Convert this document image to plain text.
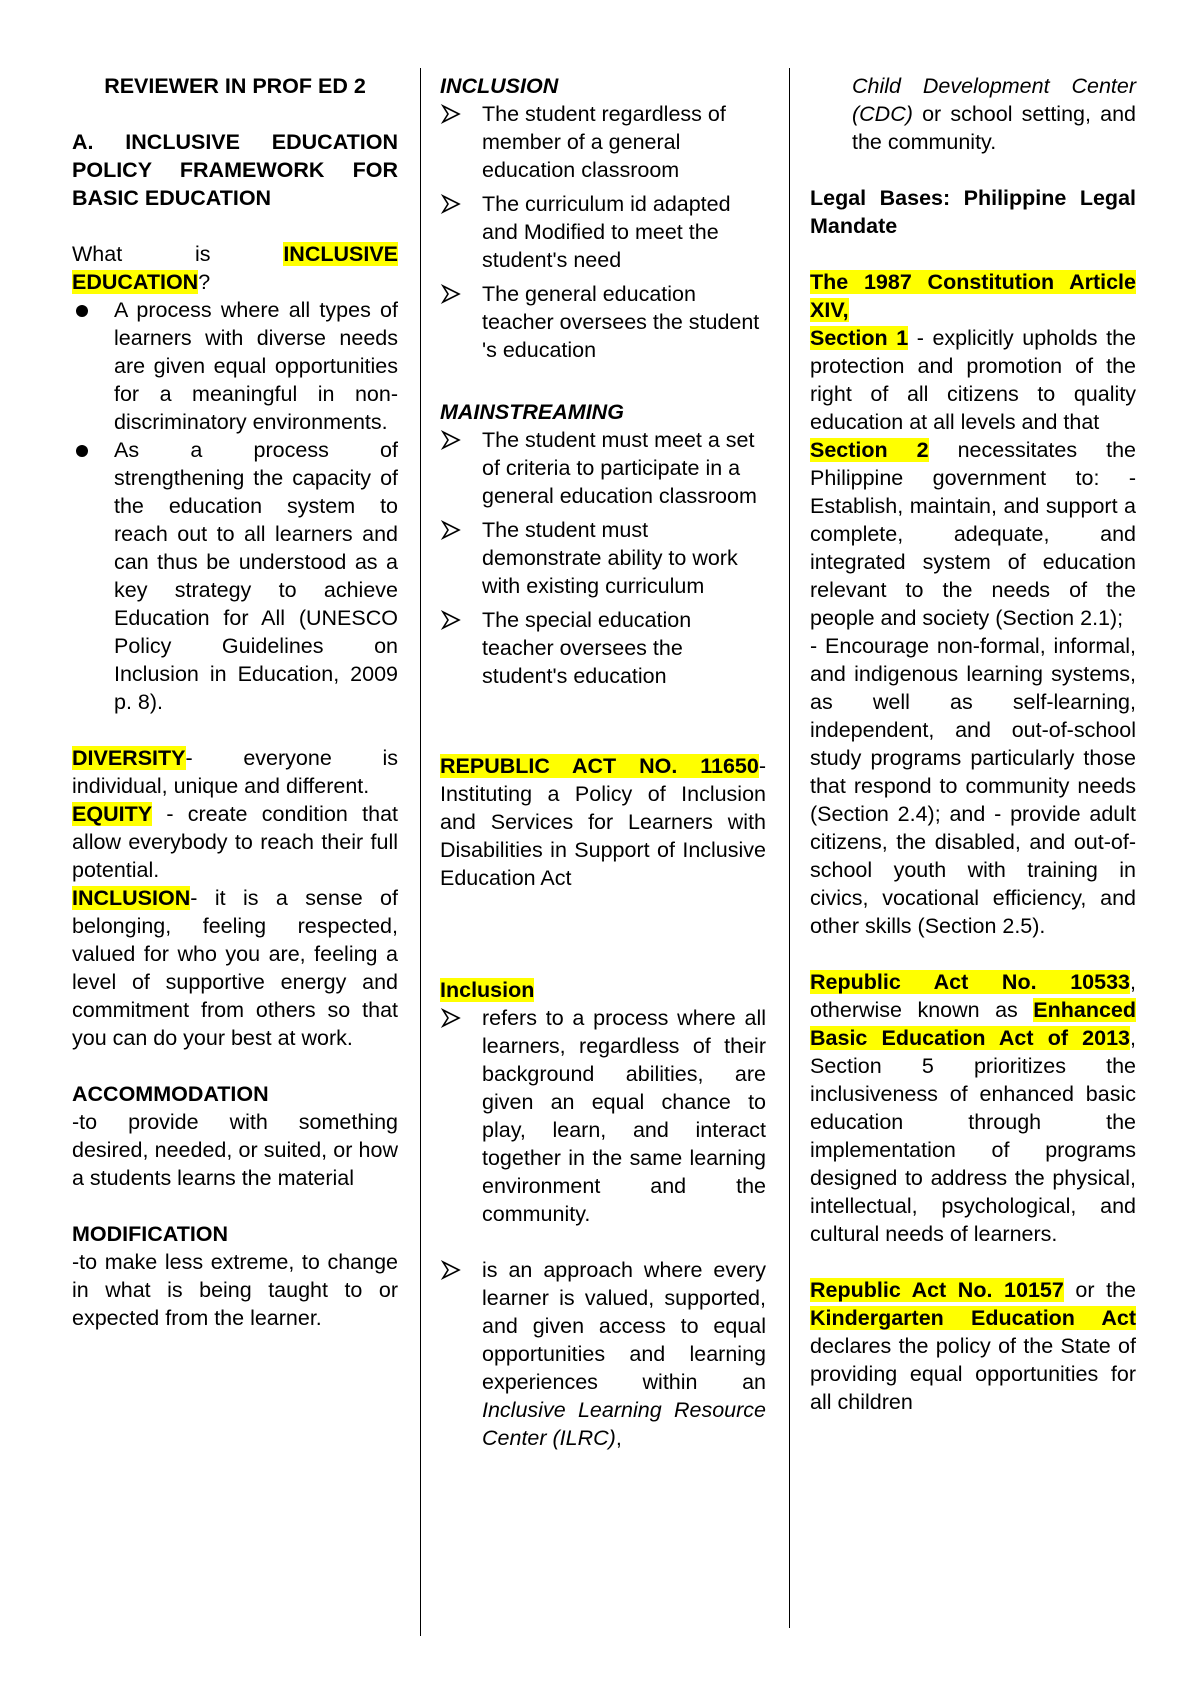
REVIEWER IN PROF ED 2

A. INCLUSIVE EDUCATION POLICY FRAMEWORK FOR BASIC EDUCATION

What is INCLUSIVE EDUCATION?

A process where all types of learners with diverse needs are given equal opportunities for a meaningful in non-discriminatory environments.

As a process of strengthening the capacity of the education system to reach out to all learners and can thus be understood as a key strategy to achieve Education for All (UNESCO Policy Guidelines on Inclusion in Education, 2009 p. 8).

DIVERSITY- everyone is individual, unique and different.

EQUITY - create condition that allow everybody to reach their full potential.

INCLUSION- it is a sense of belonging, feeling respected, valued for who you are, feeling a level of supportive energy and commitment from others so that you can do your best at work.

ACCOMMODATION

-to provide with something desired, needed, or suited, or how a students learns the material

MODIFICATION

-to make less extreme, to change in what is being taught to or expected from the learner.

INCLUSION

The student regardless of member of a general education classroom

The curriculum id adapted and Modified to meet the student's need

The general education teacher oversees the student 's education

MAINSTREAMING

The student must meet a set of criteria to participate in a general education classroom

The student must demonstrate ability to work with existing curriculum

The special education teacher oversees the student's education

REPUBLIC ACT NO. 11650- Instituting a Policy of Inclusion and Services for Learners with Disabilities in Support of Inclusive Education Act

Inclusion

refers to a process where all learners, regardless of their background abilities, are given an equal chance to play, learn, and interact together in the same learning environment and the community.

is an approach where every learner is valued, supported, and given access to equal opportunities and learning experiences within an Inclusive Learning Resource Center (ILRC),

Child Development Center (CDC) or school setting, and the community.

Legal Bases: Philippine Legal Mandate

The 1987 Constitution Article XIV,

Section 1 - explicitly upholds the protection and promotion of the right of all citizens to quality education at all levels and that

Section 2 necessitates the Philippine government to: - Establish, maintain, and support a complete, adequate, and integrated system of education relevant to the needs of the people and society (Section 2.1);

- Encourage non-formal, informal, and indigenous learning systems, as well as self-learning, independent, and out-of-school study programs particularly those that respond to community needs (Section 2.4); and - provide adult citizens, the disabled, and out-of-school youth with training in civics, vocational efficiency, and other skills (Section 2.5).

Republic Act No. 10533, otherwise known as Enhanced Basic Education Act of 2013, Section 5 prioritizes the inclusiveness of enhanced basic education through the implementation of programs designed to address the physical, intellectual, psychological, and cultural needs of learners.

Republic Act No. 10157 or the Kindergarten Education Act declares the policy of the State of providing equal opportunities for all children
